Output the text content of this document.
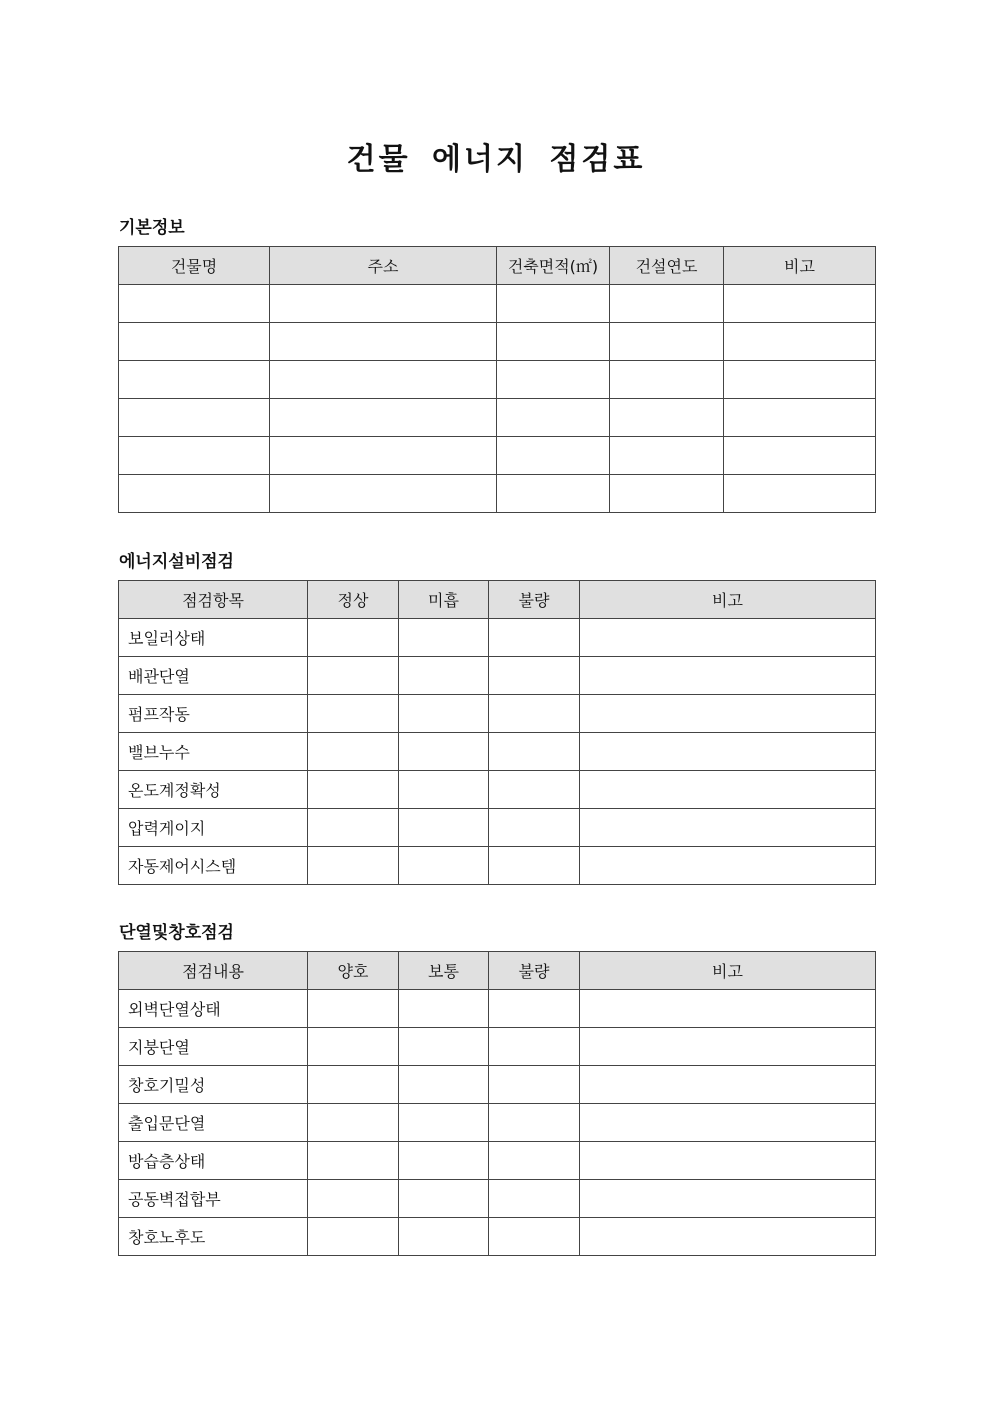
건물 에너지 점검표
기본정보
건물명	주소	건축면적(㎡)	건설연도	비고

에너지설비점검
점검항목	정상	미흡	불량	비고
보일러상태				
배관단열				
펌프작동				
밸브누수				
온도계정확성				
압력게이지				
자동제어시스템				
단열및창호점검
점검내용	양호	보통	불량	비고
외벽단열상태				
지붕단열				
창호기밀성				
출입문단열				
방습층상태				
공동벽접합부				
창호노후도				
